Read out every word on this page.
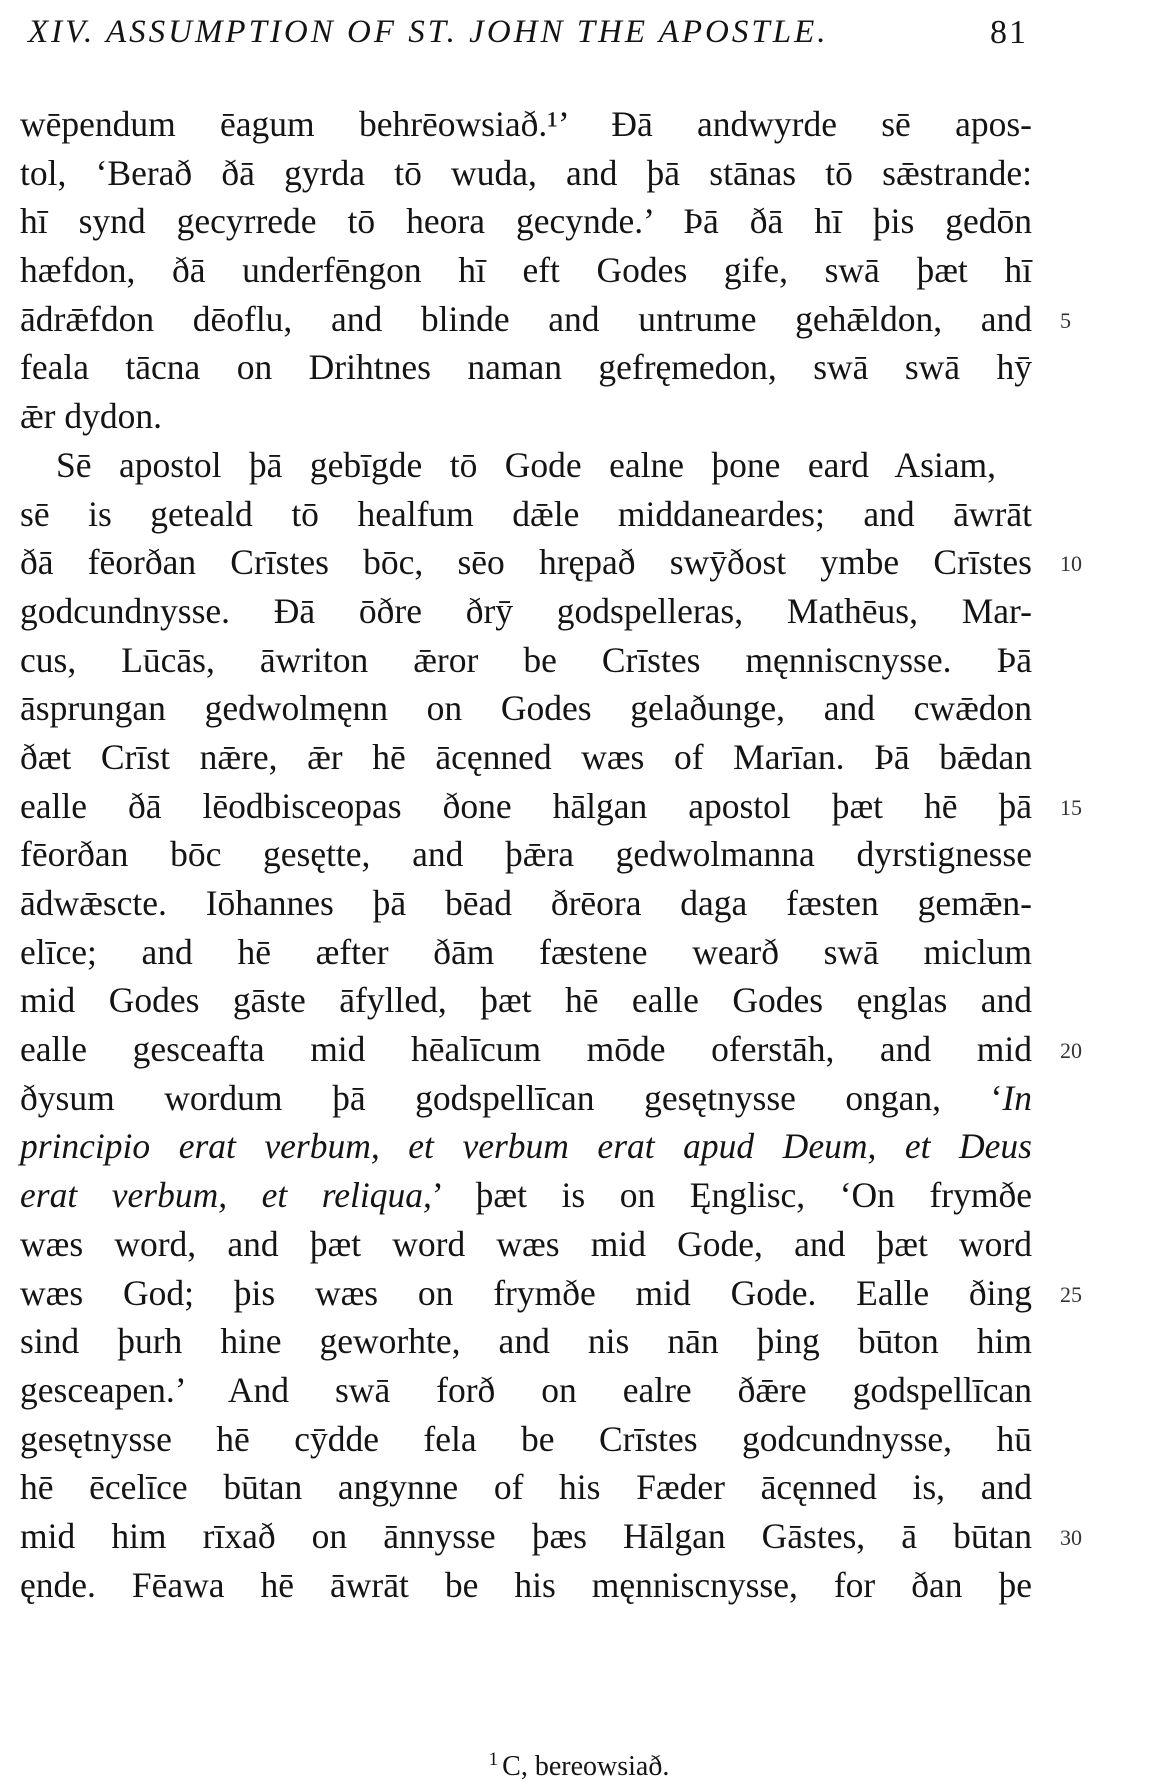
XIV. ASSUMPTION OF ST. JOHN THE APOSTLE.	81
wēpendum ēagum behrēowsiað.¹’ Ðā andwyrde sē apos-
tol, ‘Berað ðā gyrda tō wuda, and þā stānas tō sǣstrande:
hī synd gecyrrede tō heora gecynde.’ Þā ðā hī þis gedōn
hæfdon, ðā underfēngon hī eft Godes gife, swā þæt hī
ādrǣfdon dēoflu, and blinde and untrume gehǣldon, and 5
feala tācna on Drihtnes naman gefręmedon, swā swā hȳ
ǣr dydon.
Sē apostol þā gebīgde tō Gode ealne þone eard Asiam,
sē is geteald tō healfum dǣle middaneardes; and āwrāt
ðā fēorðan Crīstes bōc, sēo hrępað swȳðost ymbe Crīstes 10
godcundnysse. Ðā ōðre ðrȳ godspelleras, Mathēus, Mar-
cus, Lūcās, āwriton ǣror be Crīstes męnniscnysse. Þā
āsprungan gedwolmęnn on Godes gelaðunge, and cwǣdon
ðæt Crīst nǣre, ǣr hē ācęnned wæs of Marīan. Þā bǣdan
ealle ðā lēodbisceopas ðone hālgan apostol þæt hē þā 15
fēorðan bōc gesętte, and þǣra gedwolmanna dyrstignesse
ādwǣscte. Iōhannes þā bēad ðrēora daga fæsten gemǣn-
elīce; and hē æfter ðām fæstene wearð swā miclum
mid Godes gāste āfylled, þæt hē ealle Godes ęnglas and
ealle gesceafta mid hēalīcum mōde oferstāh, and mid 20
ðysum wordum þā godspellīcan gesętnysse ongan, ‘In
principio erat verbum, et verbum erat apud Deum, et Deus
erat verbum, et reliqua,’ þæt is on Ęnglisc, ‘On frymðe
wæs word, and þæt word wæs mid Gode, and þæt word
wæs God; þis wæs on frymðe mid Gode. Ealle ðing 25
sind þurh hine geworhte, and nis nān þing būton him
gesceapen.’ And swā forð on ealre ðǣre godspellīcan
gesętnysse hē cȳdde fela be Crīstes godcundnysse, hū
hē ēcelīce būtan angynne of his Fæder ācęnned is, and
mid him rīxað on ānnysse þæs Hālgan Gāstes, ā būtan 30
ęnde. Fēawa hē āwrāt be his męnniscnysse, for ðan þe
$^1$ C, bereowsiað.
